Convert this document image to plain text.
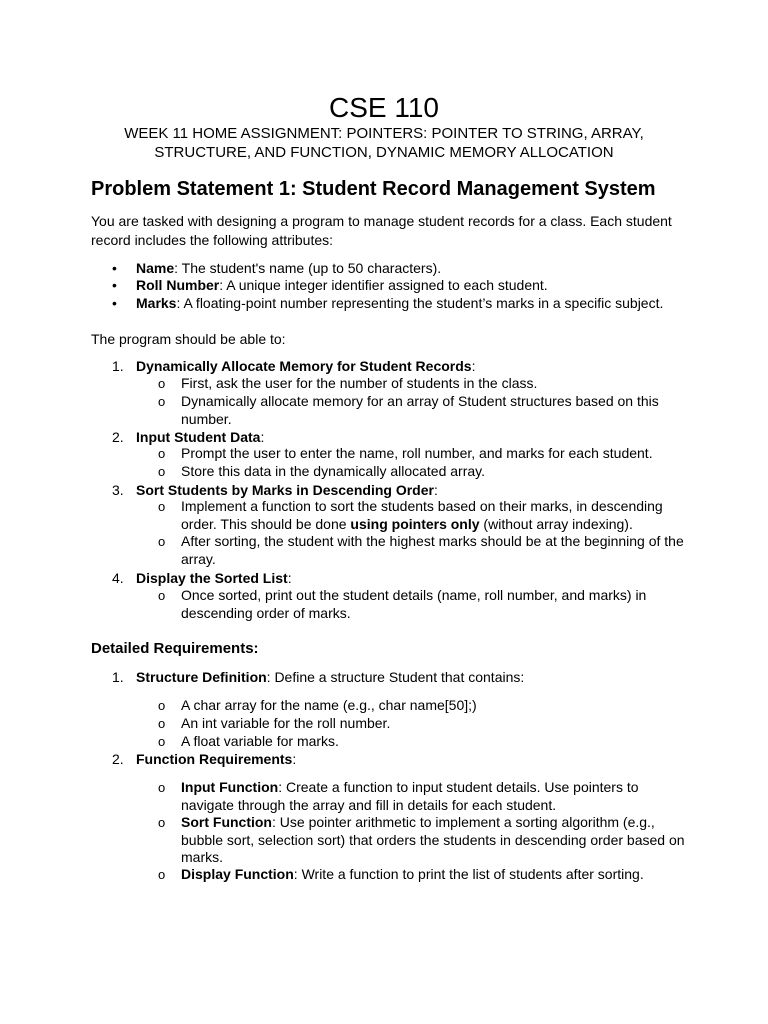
CSE 110
WEEK 11 HOME ASSIGNMENT: POINTERS: POINTER TO STRING, ARRAY,
STRUCTURE, AND FUNCTION, DYNAMIC MEMORY ALLOCATION
Problem Statement 1: Student Record Management System
You are tasked with designing a program to manage student records for a class. Each student
record includes the following attributes:
• Name: The student's name (up to 50 characters).
• Roll Number: A unique integer identifier assigned to each student.
• Marks: A floating-point number representing the student’s marks in a specific subject.
The program should be able to:
1. Dynamically Allocate Memory for Student Records:
o First, ask the user for the number of students in the class.
o Dynamically allocate memory for an array of Student structures based on this
number.
2. Input Student Data:
o Prompt the user to enter the name, roll number, and marks for each student.
o Store this data in the dynamically allocated array.
3. Sort Students by Marks in Descending Order:
o Implement a function to sort the students based on their marks, in descending
order. This should be done using pointers only (without array indexing).
o After sorting, the student with the highest marks should be at the beginning of the
array.
4. Display the Sorted List:
o Once sorted, print out the student details (name, roll number, and marks) in
descending order of marks.
Detailed Requirements:
1. Structure Definition: Define a structure Student that contains:
o A char array for the name (e.g., char name[50];)
o An int variable for the roll number.
o A float variable for marks.
2. Function Requirements:
o Input Function: Create a function to input student details. Use pointers to
navigate through the array and fill in details for each student.
o Sort Function: Use pointer arithmetic to implement a sorting algorithm (e.g.,
bubble sort, selection sort) that orders the students in descending order based on
marks.
o Display Function: Write a function to print the list of students after sorting.
